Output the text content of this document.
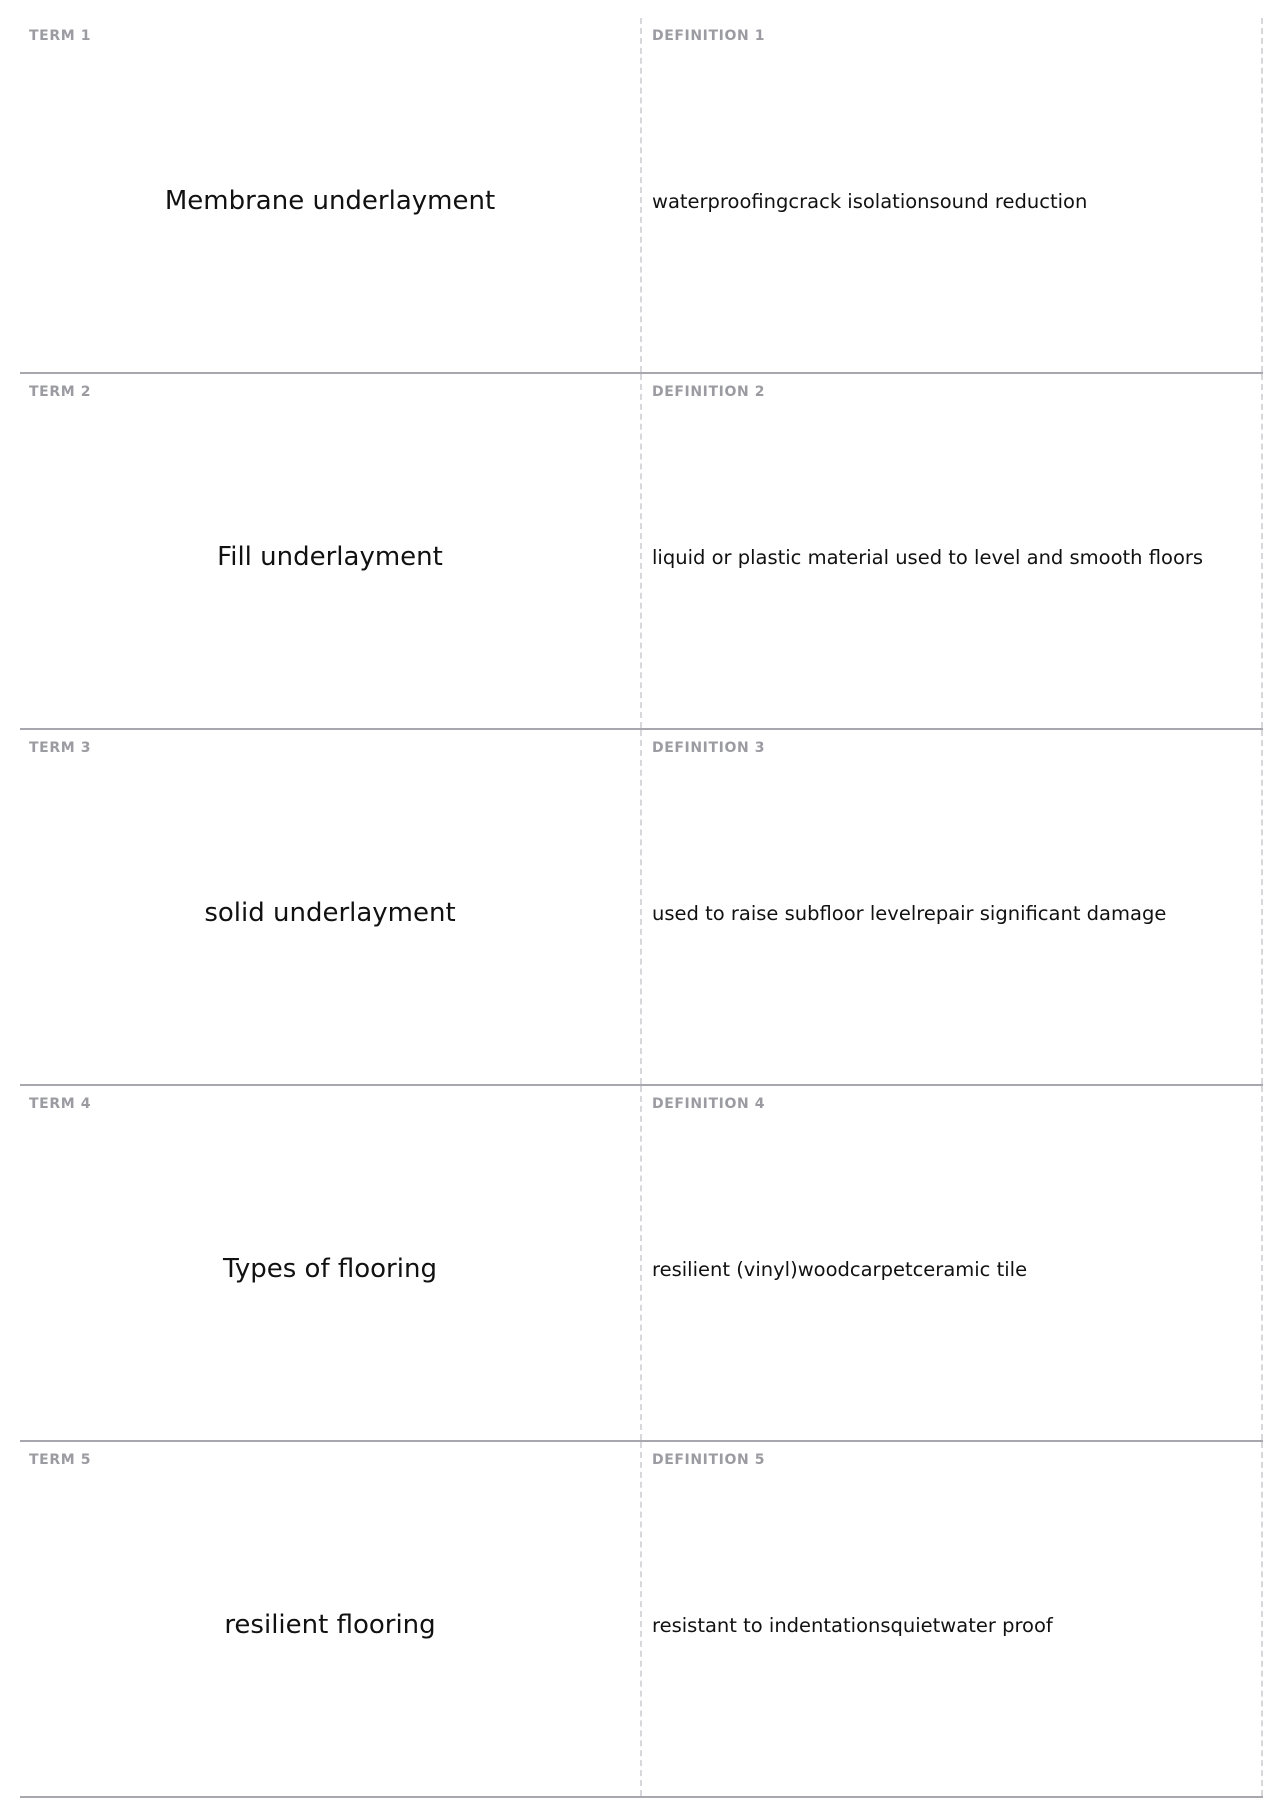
TERM 1
Membrane underlayment
DEFINITION 1
waterproofingcrack isolationsound reduction
TERM 2
Fill underlayment
DEFINITION 2
liquid or plastic material used to level and smooth floors
TERM 3
solid underlayment
DEFINITION 3
used to raise subfloor levelrepair significant damage
TERM 4
Types of flooring
DEFINITION 4
resilient (vinyl)woodcarpetceramic tile
TERM 5
resilient flooring
DEFINITION 5
resistant to indentationsquietwater proof
